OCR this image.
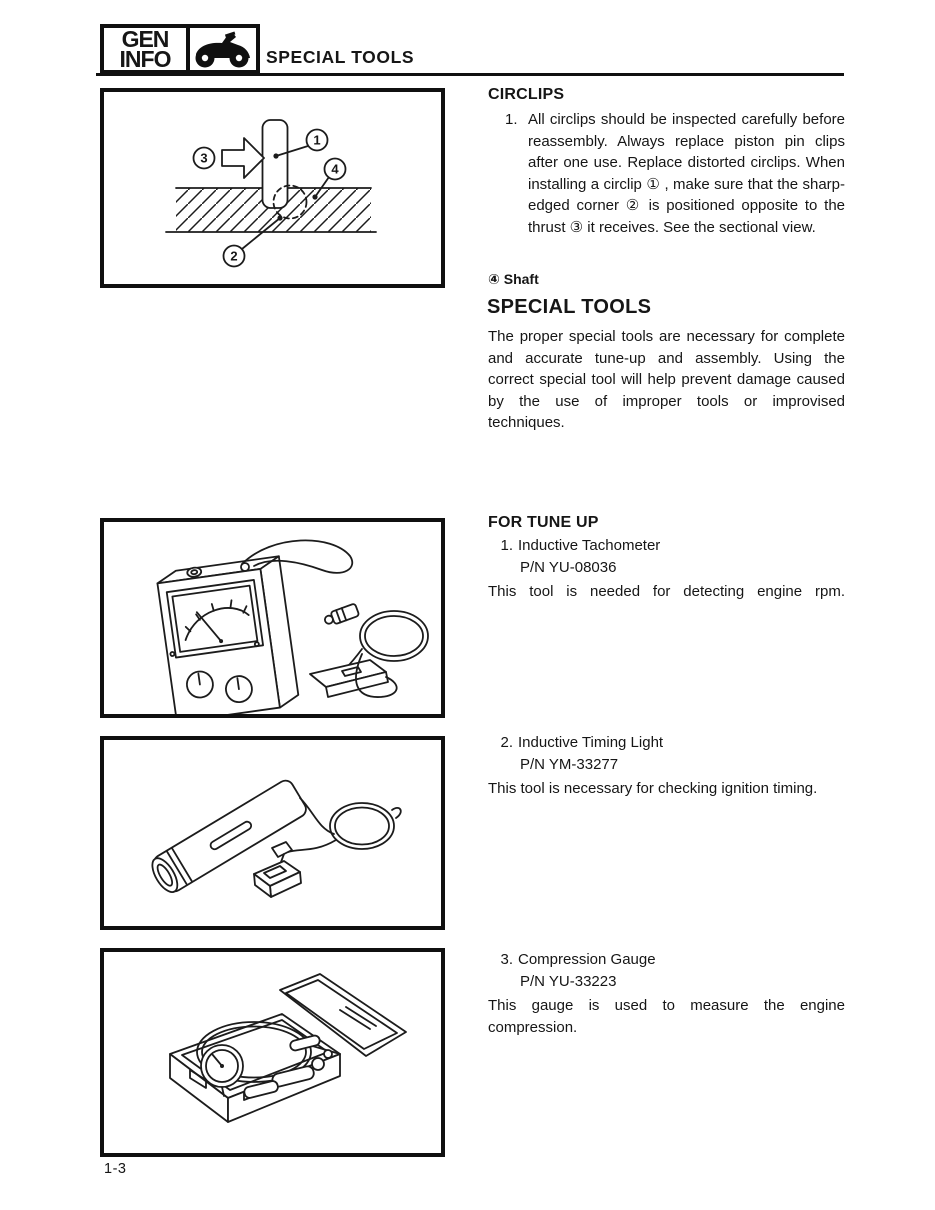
GEN
INFO	SPECIAL TOOLS
1
2
3
4
CIRCLIPS
1. All circlips should be inspected carefully before reassembly. Always replace piston pin clips after one use. Replace distorted circlips. When installing a circlip ① , make sure that the sharp-edged corner ② is positioned opposite to the thrust ③ it receives. See the sectional view.
④ Shaft
SPECIAL TOOLS
The proper special tools are necessary for complete and accurate tune-up and assembly. Using the correct special tool will help prevent damage caused by the use of improper tools or improvised techniques.
FOR TUNE UP
1. Inductive Tachometer
P/N YU-08036
This tool is needed for detecting engine rpm.
2. Inductive Timing Light
P/N YM-33277
This tool is necessary for checking ignition timing.
3. Compression Gauge
P/N YU-33223
This gauge is used to measure the engine compression.
1-3
